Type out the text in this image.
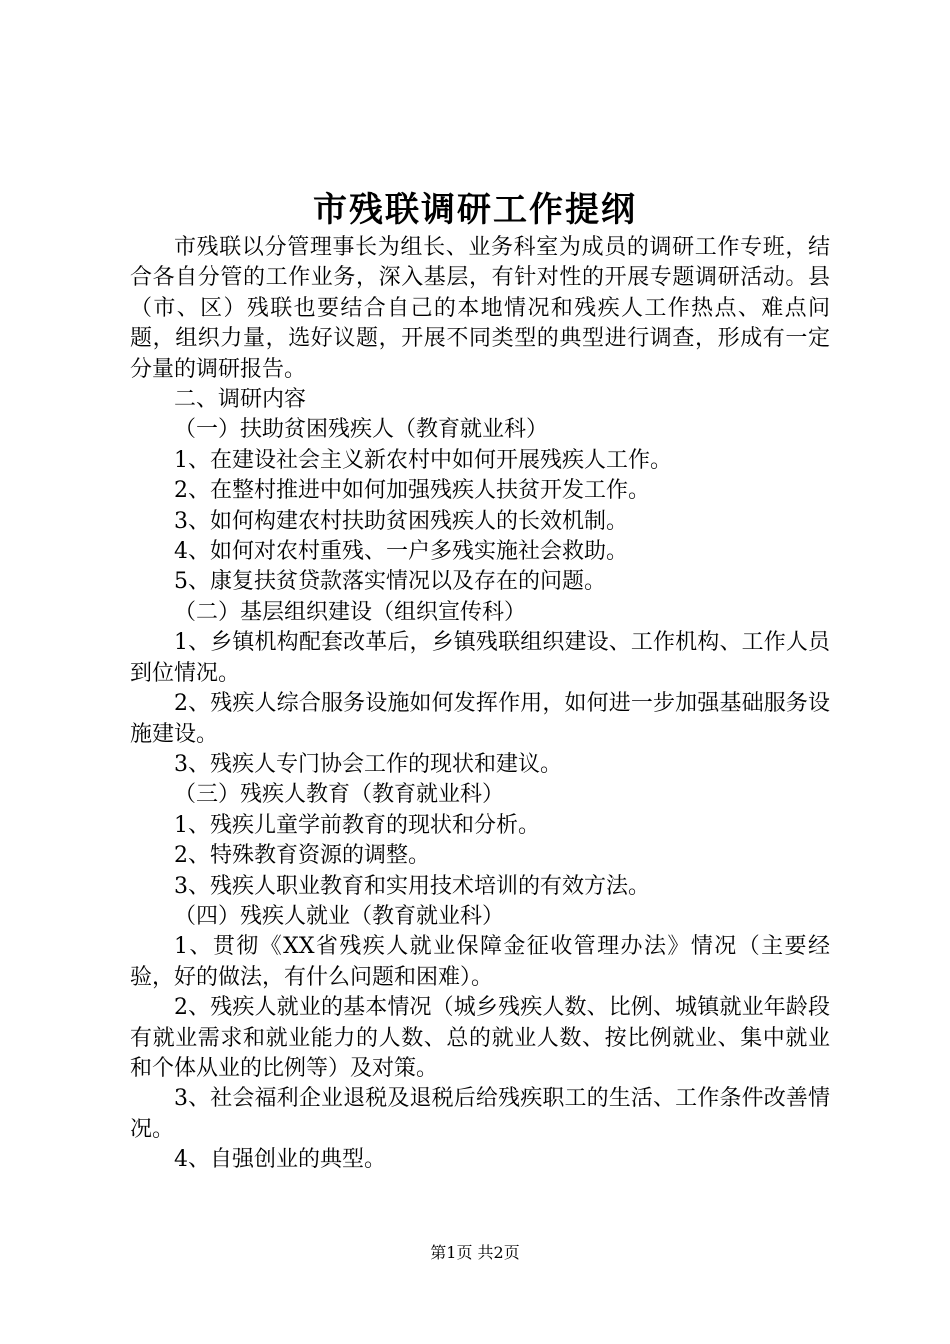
市残联调研工作提纲

市残联以分管理事长为组长、业务科室为成员的调研工作专班，结合各自分管的工作业务，深入基层，有针对性的开展专题调研活动。县（市、区）残联也要结合自己的本地情况和残疾人工作热点、难点问题，组织力量，选好议题，开展不同类型的典型进行调查，形成有一定分量的调研报告。

二、调研内容

（一）扶助贫困残疾人（教育就业科）

1、在建设社会主义新农村中如何开展残疾人工作。

2、在整村推进中如何加强残疾人扶贫开发工作。

3、如何构建农村扶助贫困残疾人的长效机制。

4、如何对农村重残、一户多残实施社会救助。

5、康复扶贫贷款落实情况以及存在的问题。

（二）基层组织建设（组织宣传科）

1、乡镇机构配套改革后，乡镇残联组织建设、工作机构、工作人员到位情况。

2、残疾人综合服务设施如何发挥作用，如何进一步加强基础服务设施建设。

3、残疾人专门协会工作的现状和建议。

（三）残疾人教育（教育就业科）

1、残疾儿童学前教育的现状和分析。

2、特殊教育资源的调整。

3、残疾人职业教育和实用技术培训的有效方法。

（四）残疾人就业（教育就业科）

1、贯彻《XX省残疾人就业保障金征收管理办法》情况（主要经验，好的做法，有什么问题和困难）。

2、残疾人就业的基本情况（城乡残疾人数、比例、城镇就业年龄段有就业需求和就业能力的人数、总的就业人数、按比例就业、集中就业和个体从业的比例等）及对策。

3、社会福利企业退税及退税后给残疾职工的生活、工作条件改善情况。

4、自强创业的典型。

第1页 共2页
